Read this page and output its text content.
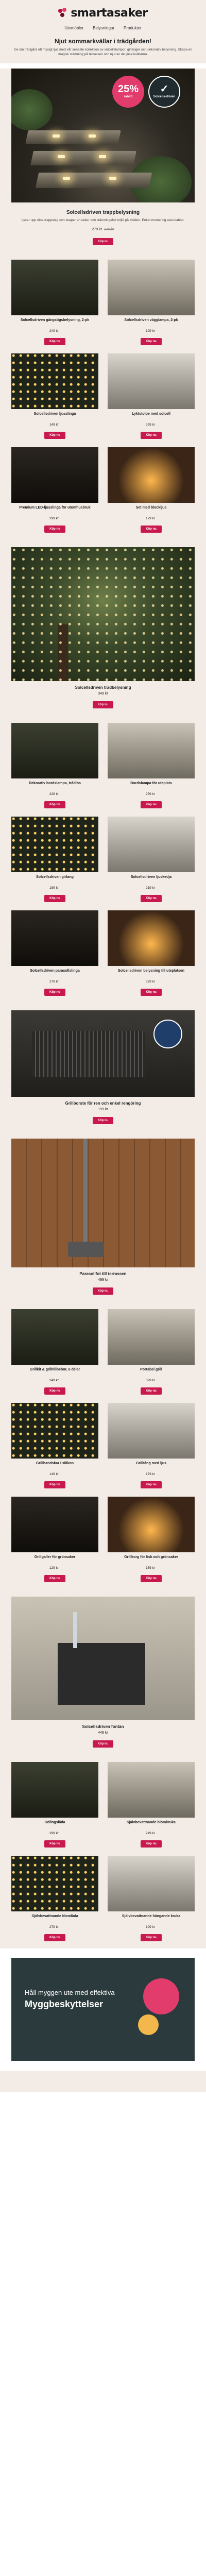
smartasaker
Utemöbler Belysningar Produkter
Njut sommarkvällar i trädgården!

Ge din trädgård ett mysigt ljus med vår senaste kollektion av solcellslampor, girlanger och dekorativ belysning. Skapa en magisk stämning på terrassen och njut av de ljusa kvällarna.

25%
rabatt
✓
Solcells-driven
Solcellsdriven trappbelysning

Lyser upp dina trappsteg och skapar en säker och stämningsfull miljö på kvällen. Enkel montering utan kablar.

279 kr 379 kr
Köp nu
Solcellsdriven gångstigsbelysning, 2-pk
249 kr
Köp nu
Solcellsdriven vägglampa, 2-pk
199 kr
Köp nu
Solcellsdriven ljusslinga
149 kr
Köp nu
Lyktstolpe med solcell
399 kr
Köp nu
Premium LED-ljusslinga för utomhusbruk
299 kr
Köp nu
Set med blockljus
179 kr
Köp nu
Solcellsdriven trädbelysning
349 kr
Köp nu
Dekorativ bordslampa, trådlös
229 kr
Köp nu
Bordslampa för uteplats
259 kr
Köp nu
Solcellsdriven girlang
189 kr
Köp nu
Solcellsdriven ljuskedja
219 kr
Köp nu
Solcellsdriven parasollslinga
279 kr
Köp nu
Solcellsdriven belysning till uteplatsen
329 kr
Köp nu
Grillborste för ren och enkel rengöring
199 kr
Köp nu
Parasollfot till terrassen
499 kr
Köp nu
Grillkit & grilltillbehör, 6 delar
349 kr
Köp nu
Portabel grill
399 kr
Köp nu
Grillhandskar i silikon
149 kr
Köp nu
Grilltång med ljus
179 kr
Köp nu
Grillgaller för grönsaker
129 kr
Köp nu
Grillkorg för fisk och grönsaker
159 kr
Köp nu
Solcellsdriven fontän
449 kr
Köp nu
Odlingslåda
299 kr
Köp nu
Självbevattnande blomkruka
249 kr
Köp nu
Självbevattnande blomlåda
279 kr
Köp nu
Självbevattnande hängande kruka
199 kr
Köp nu
Håll myggen ute med effektiva
Myggbeskyttelser
